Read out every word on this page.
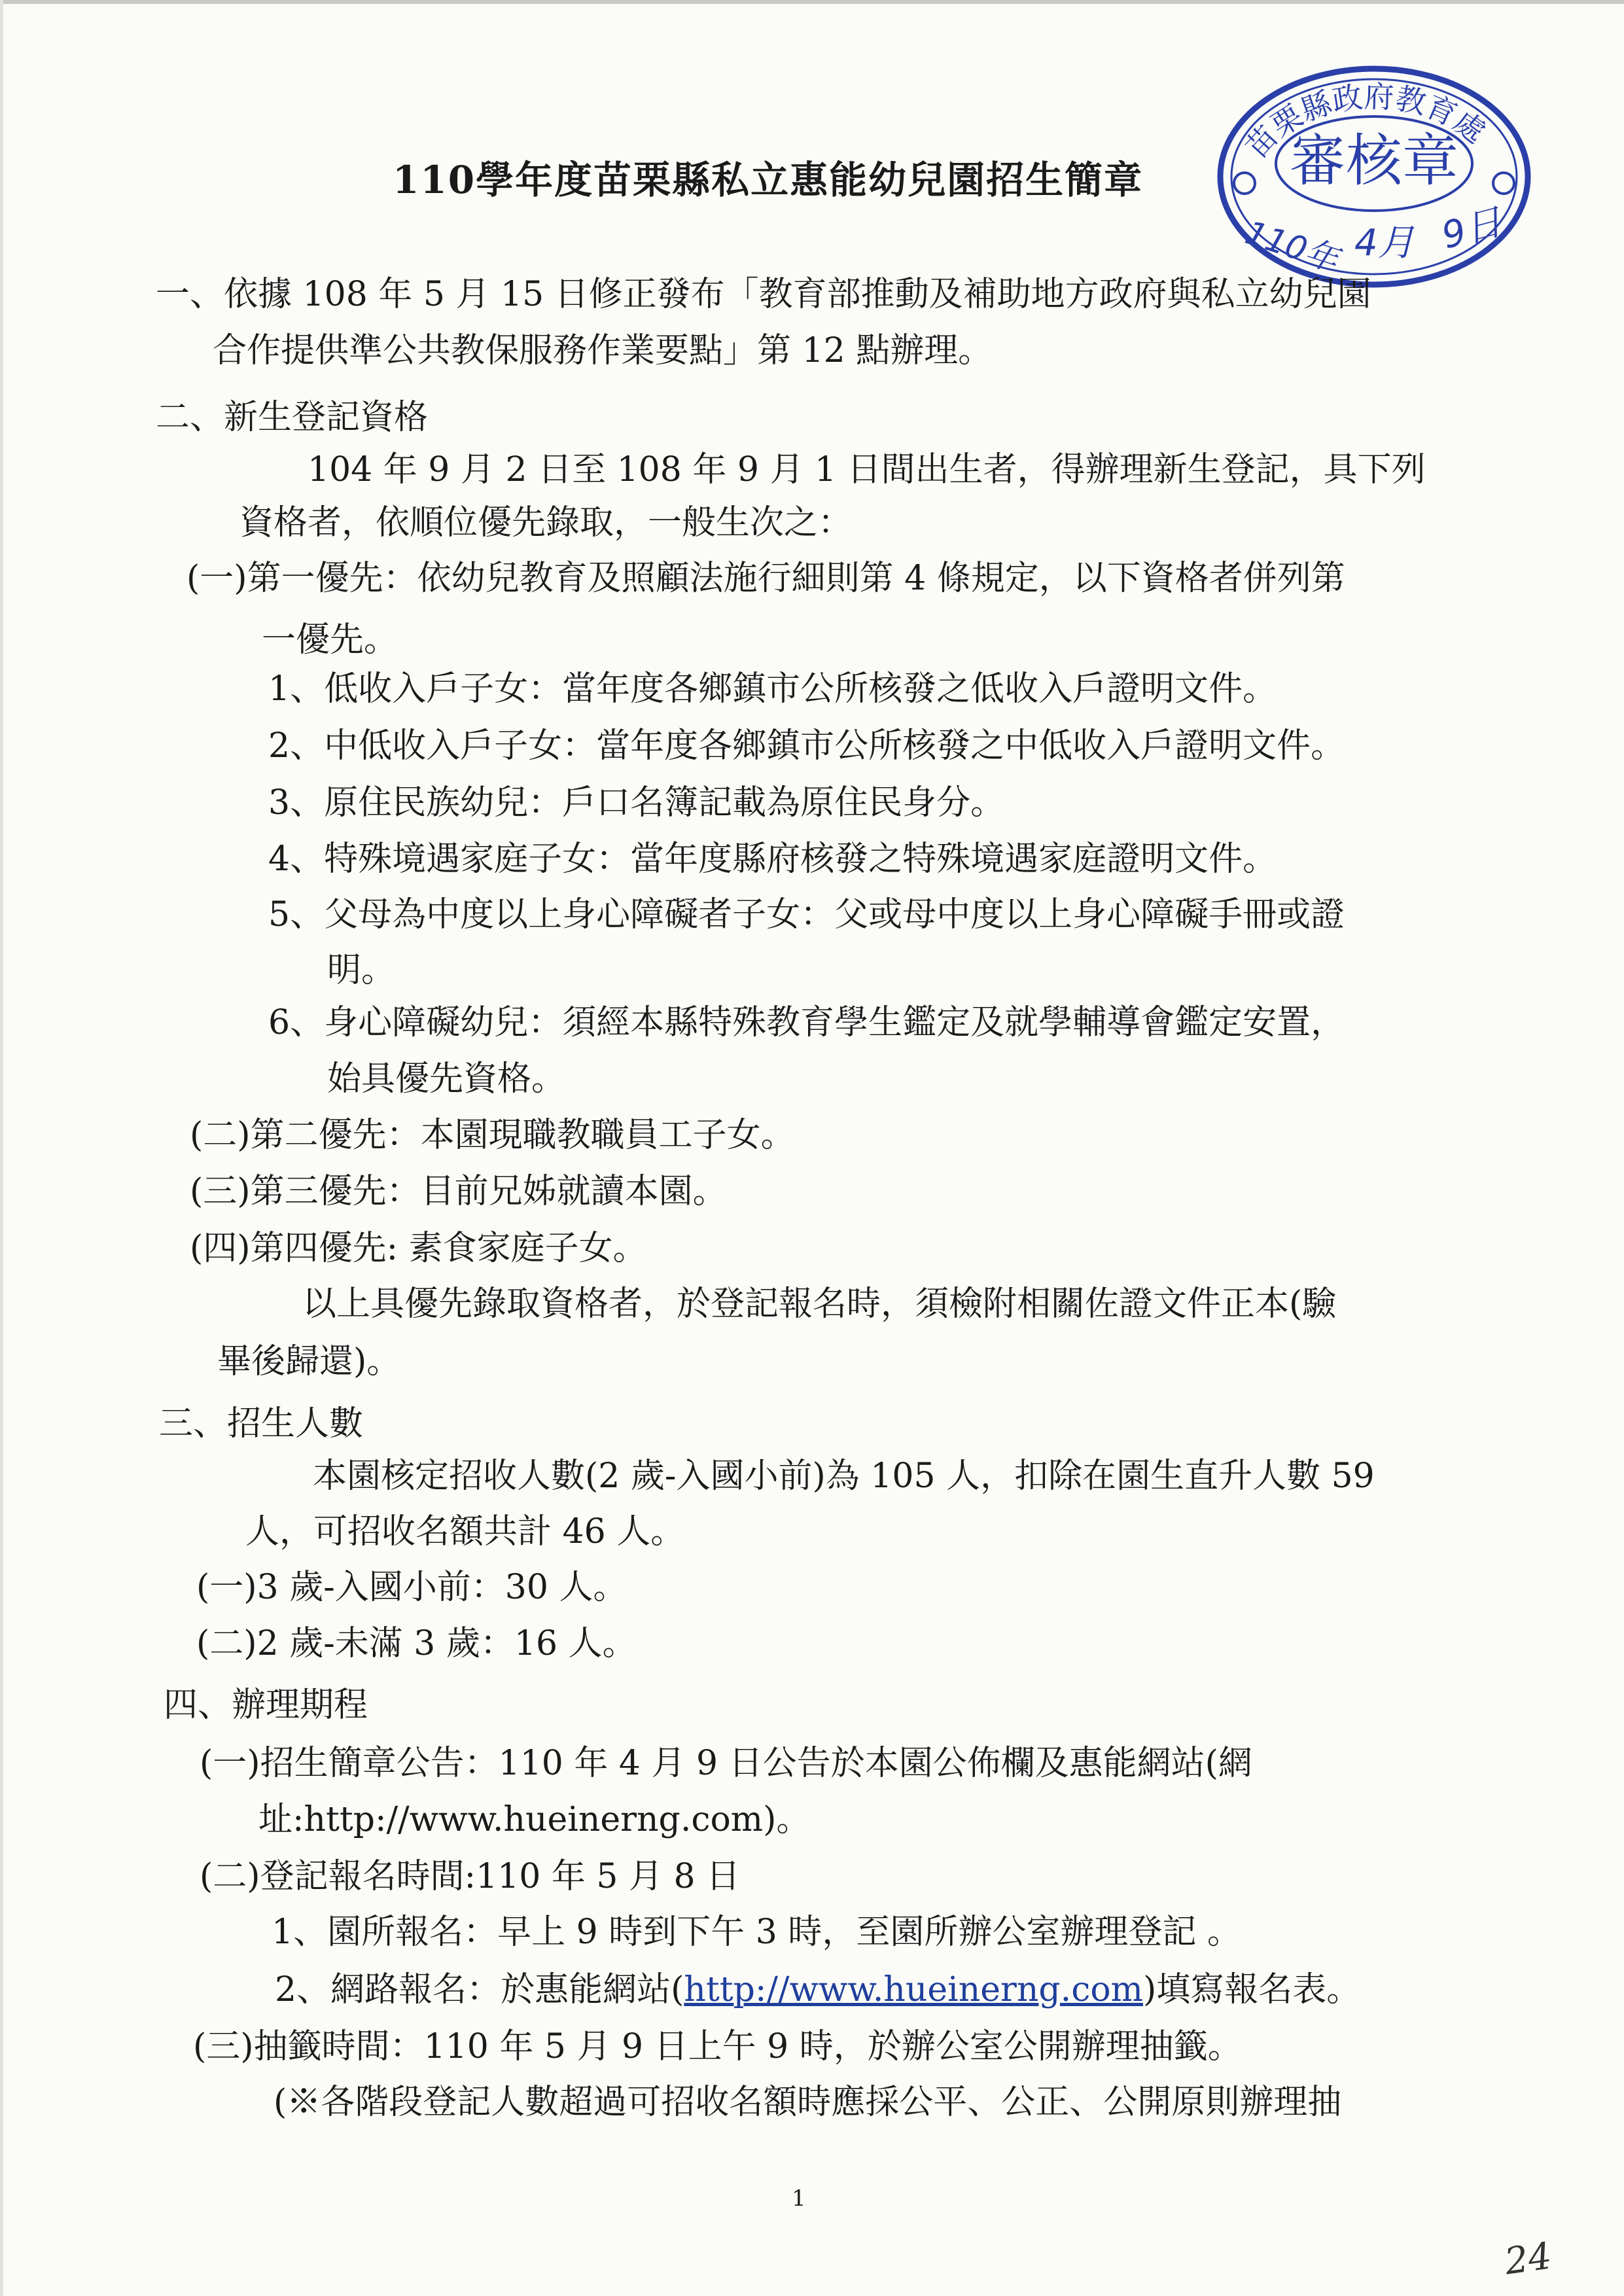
110學年度苗栗縣私立惠能幼兒園招生簡章
苗栗縣政府教育處
審核章
110年 4月 9日
一、依據 108 年 5 月 15 日修正發布「教育部推動及補助地方政府與私立幼兒園
合作提供準公共教保服務作業要點」第 12 點辦理。
二、新生登記資格
104 年 9 月 2 日至 108 年 9 月 1 日間出生者，得辦理新生登記，具下列
資格者，依順位優先錄取，一般生次之：
(一)第一優先：依幼兒教育及照顧法施行細則第 4 條規定，以下資格者併列第
一優先。
1、低收入戶子女：當年度各鄉鎮市公所核發之低收入戶證明文件。
2、中低收入戶子女：當年度各鄉鎮市公所核發之中低收入戶證明文件。
3、原住民族幼兒：戶口名簿記載為原住民身分。
4、特殊境遇家庭子女：當年度縣府核發之特殊境遇家庭證明文件。
5、父母為中度以上身心障礙者子女：父或母中度以上身心障礙手冊或證
明。
6、身心障礙幼兒：須經本縣特殊教育學生鑑定及就學輔導會鑑定安置，
始具優先資格。
(二)第二優先：本園現職教職員工子女。
(三)第三優先：目前兄姊就讀本園。
(四)第四優先: 素食家庭子女。
以上具優先錄取資格者，於登記報名時，須檢附相關佐證文件正本(驗
畢後歸還)。
三、招生人數
本園核定招收人數(2 歲-入國小前)為 105 人，扣除在園生直升人數 59
人，可招收名額共計 46 人。
(一)3 歲-入國小前：30 人。
(二)2 歲-未滿 3 歲：16 人。
四、辦理期程
(一)招生簡章公告：110 年 4 月 9 日公告於本園公佈欄及惠能網站(網
址:http://www.hueinerng.com)。
(二)登記報名時間:110 年 5 月 8 日
1、園所報名：早上 9 時到下午 3 時，至園所辦公室辦理登記 。
2、網路報名：於惠能網站(http://www.hueinerng.com)填寫報名表。
(三)抽籤時間：110 年 5 月 9 日上午 9 時，於辦公室公開辦理抽籤。
(※各階段登記人數超過可招收名額時應採公平、公正、公開原則辦理抽
1
24
